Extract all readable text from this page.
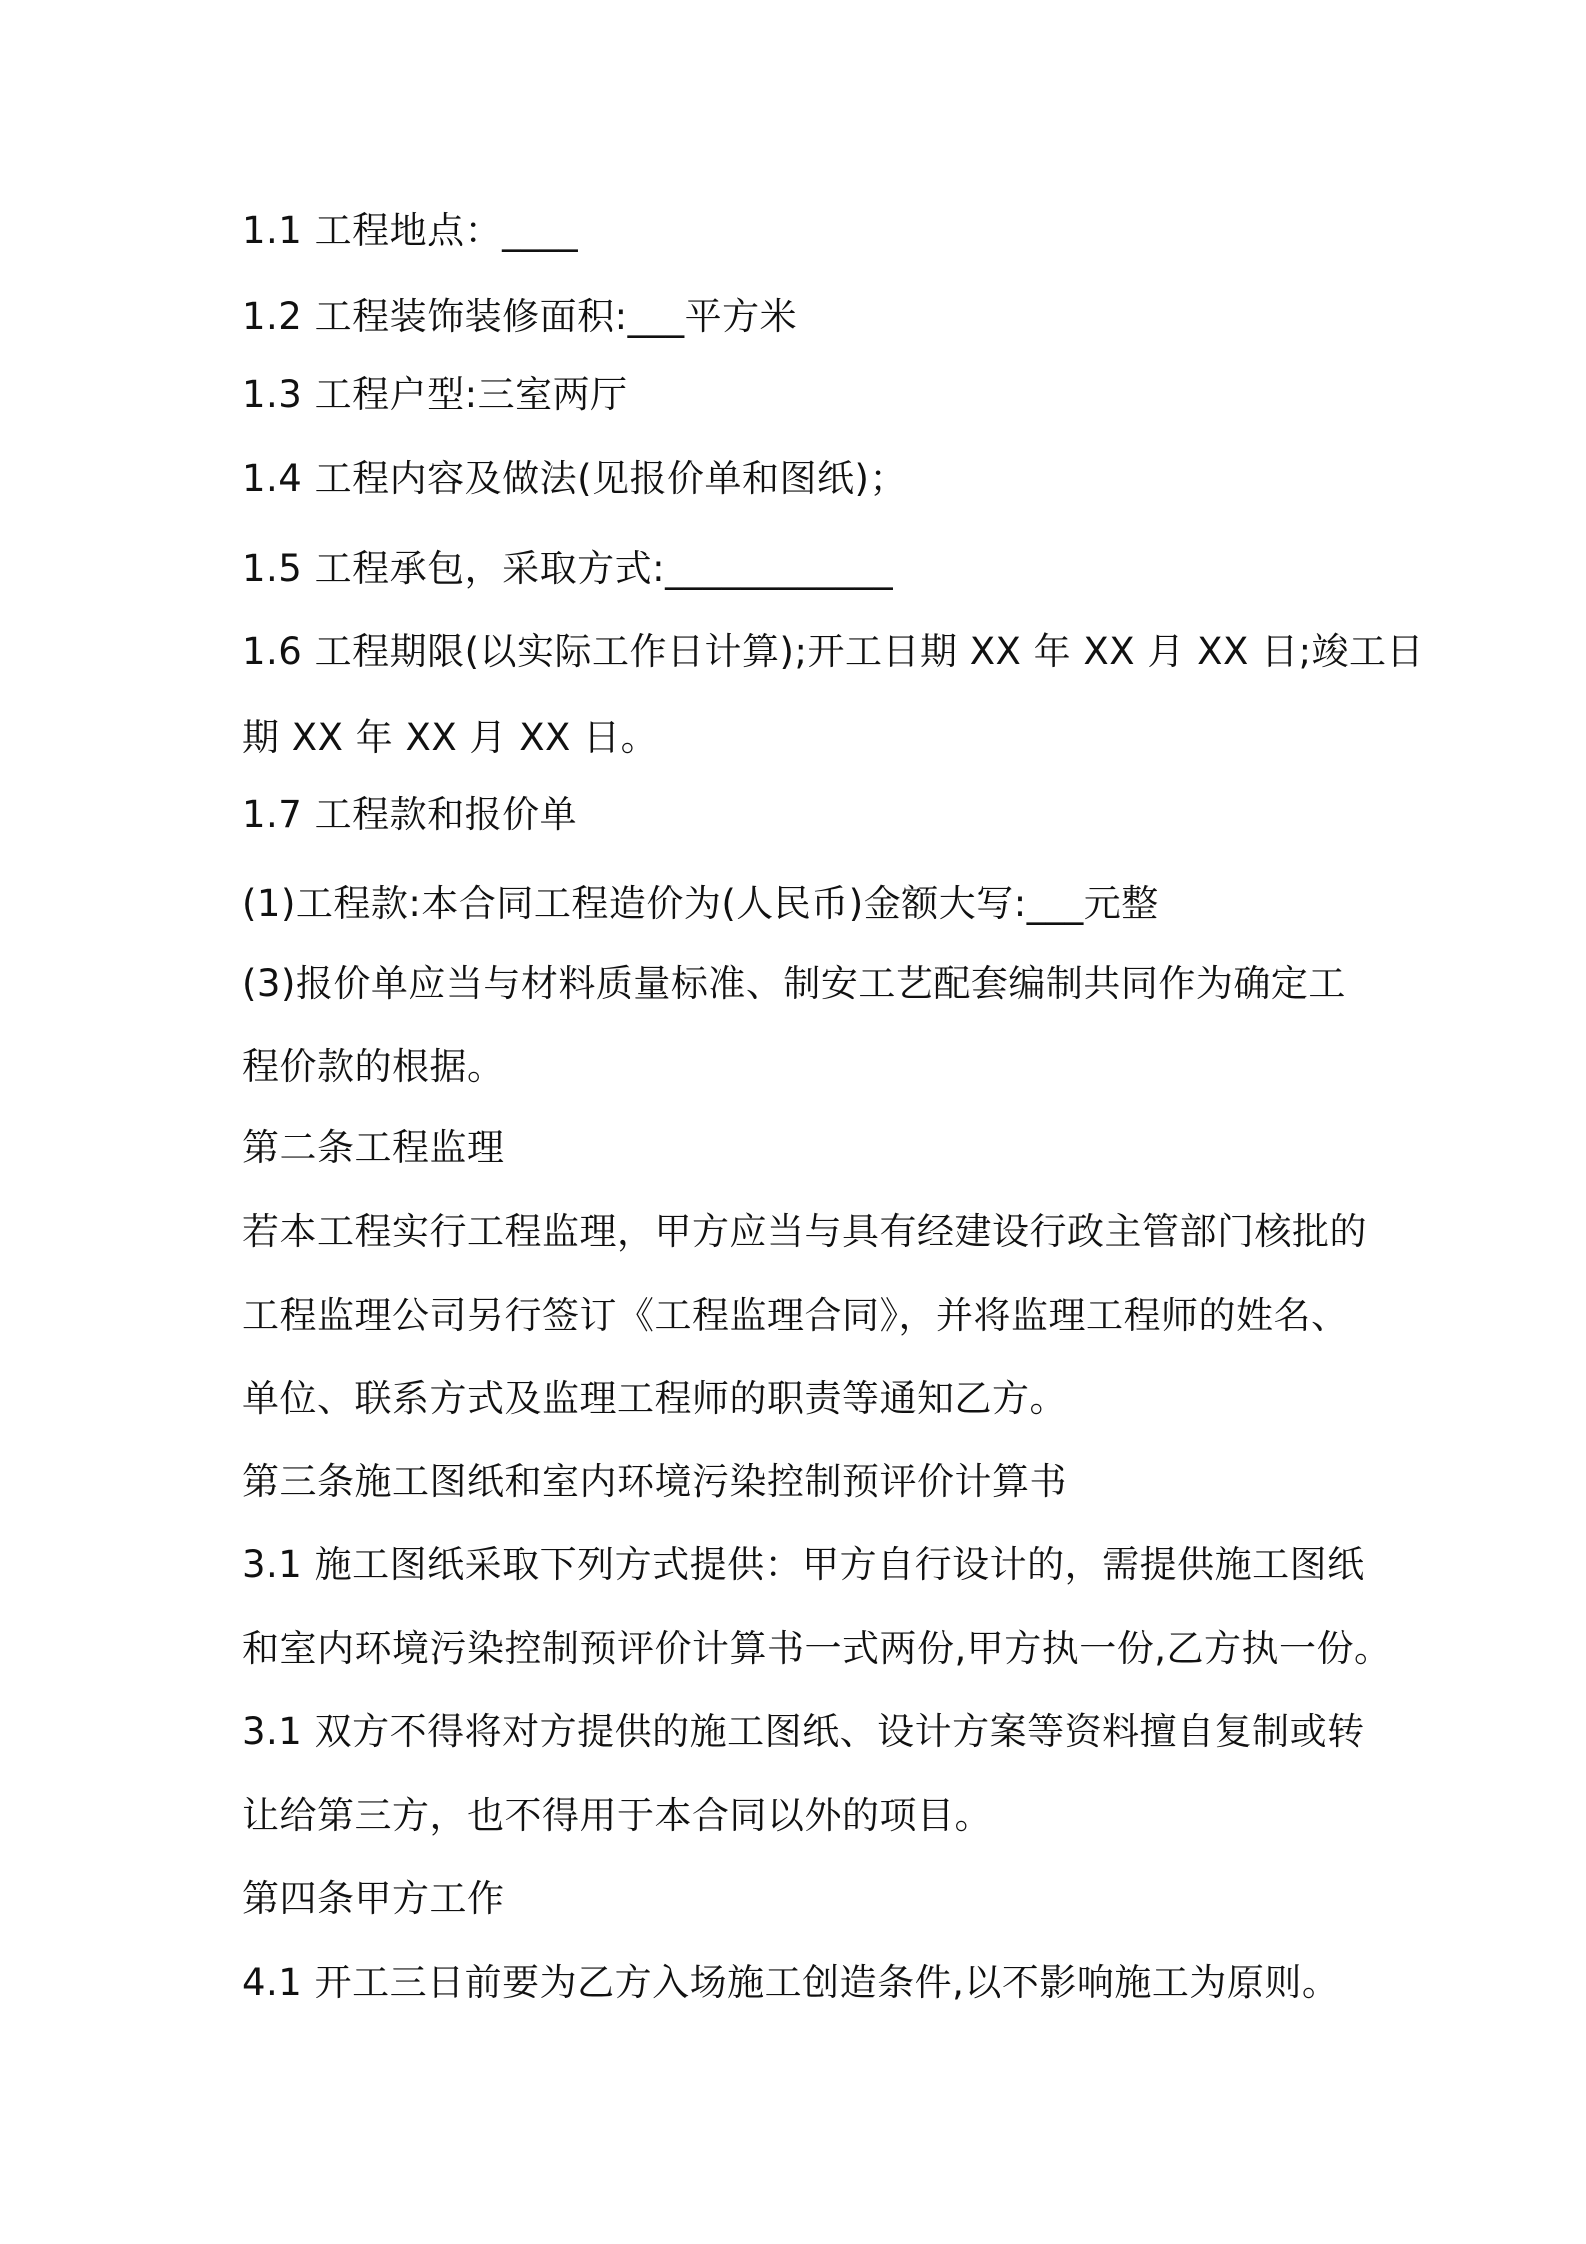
1.1 工程地点：____
1.2 工程装饰装修面积:___平方米
1.3 工程户型:三室两厅
1.4 工程内容及做法(见报价单和图纸)；
1.5 工程承包，采取方式:____________
1.6 工程期限(以实际工作日计算);开工日期 XX 年 XX 月 XX 日;竣工日
期 XX 年 XX 月 XX 日。
1.7 工程款和报价单
(1)工程款:本合同工程造价为(人民币)金额大写:___元整
(3)报价单应当与材料质量标准、制安工艺配套编制共同作为确定工
程价款的根据。
第二条工程监理
若本工程实行工程监理，甲方应当与具有经建设行政主管部门核批的
工程监理公司另行签订《工程监理合同》，并将监理工程师的姓名、
单位、联系方式及监理工程师的职责等通知乙方。
第三条施工图纸和室内环境污染控制预评价计算书
3.1 施工图纸采取下列方式提供：甲方自行设计的，需提供施工图纸
和室内环境污染控制预评价计算书一式两份,甲方执一份,乙方执一份。
3.1 双方不得将对方提供的施工图纸、设计方案等资料擅自复制或转
让给第三方，也不得用于本合同以外的项目。
第四条甲方工作
4.1 开工三日前要为乙方入场施工创造条件,以不影响施工为原则。
